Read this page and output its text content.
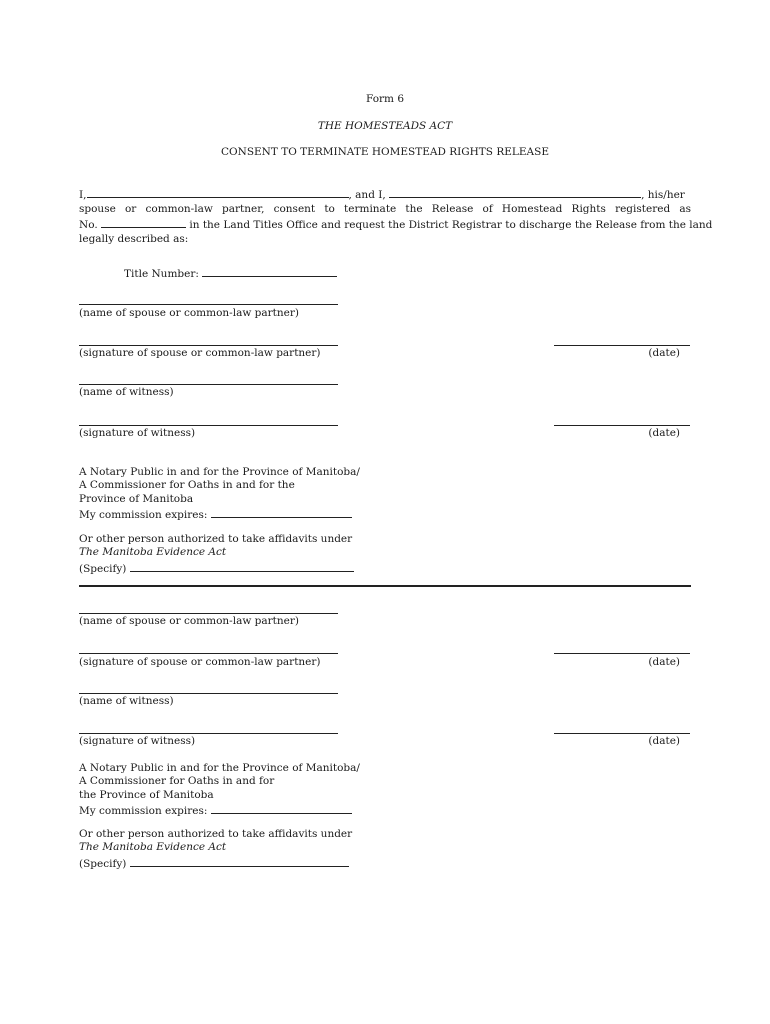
Form 6
THE HOMESTEADS ACT
CONSENT TO TERMINATE HOMESTEAD RIGHTS RELEASE
I,	, and I,	, his/her
spouse or common-law partner, consent to terminate the Release of Homestead Rights registered as
No.	in the Land Titles Office and request the District Registrar to discharge the Release from the land
legally described as:
Title Number:
(name of spouse or common-law partner)
(signature of spouse or common-law partner)	(date)
(name of witness)
(signature of witness)	(date)
A Notary Public in and for the Province of Manitoba/
A Commissioner for Oaths in and for the
Province of Manitoba
My commission expires:
Or other person authorized to take affidavits under
The Manitoba Evidence Act
(Specify)
(name of spouse or common-law partner)
(signature of spouse or common-law partner)	(date)
(name of witness)
(signature of witness)	(date)
A Notary Public in and for the Province of Manitoba/
A Commissioner for Oaths in and for
the Province of Manitoba
My commission expires:
Or other person authorized to take affidavits under
The Manitoba Evidence Act
(Specify)
